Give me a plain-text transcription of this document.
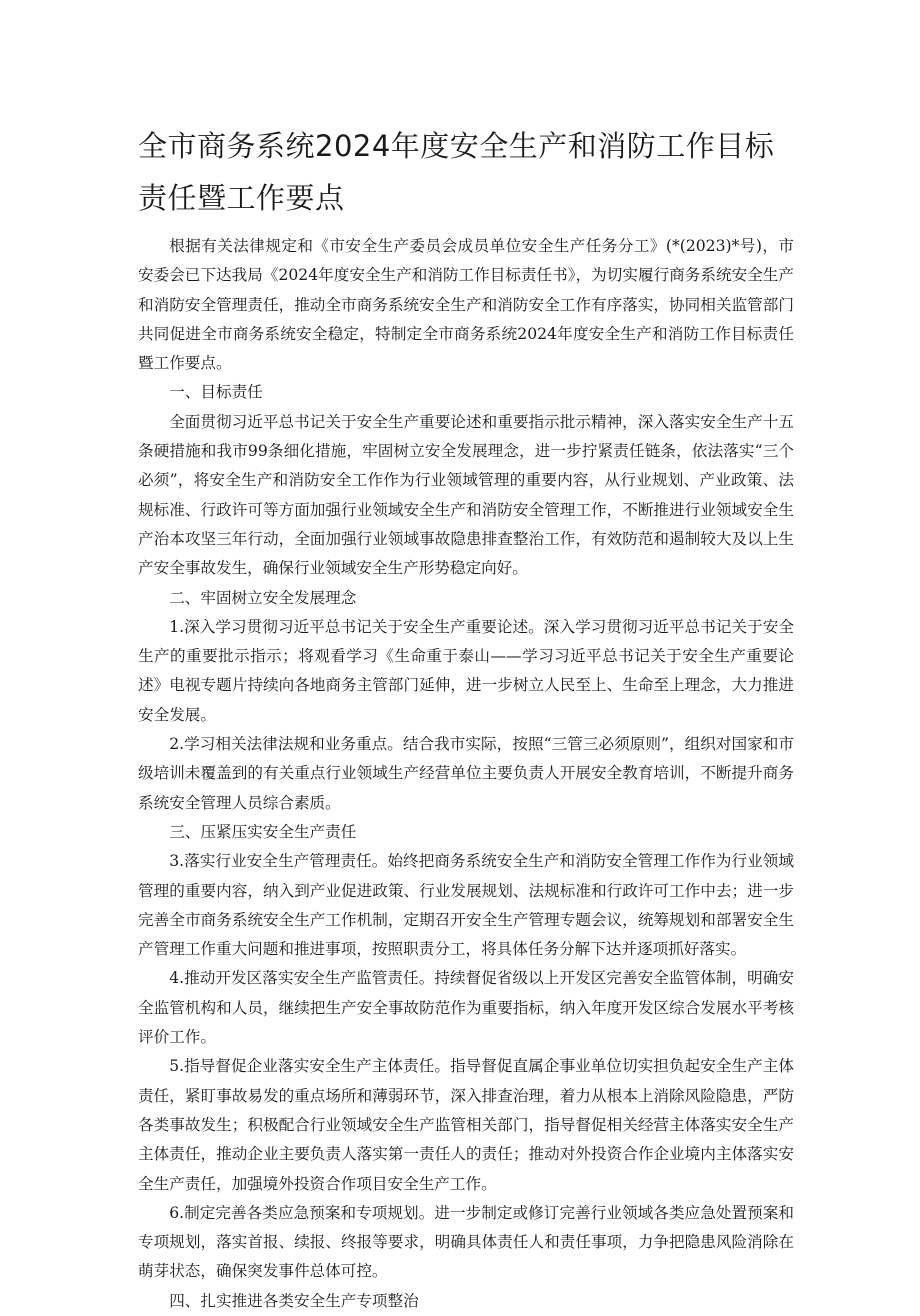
全市商务系统2024年度安全生产和消防工作目标责任暨工作要点

根据有关法律规定和《市安全生产委员会成员单位安全生产任务分工》(*(2023)*号)，市安委会已下达我局《2024年度安全生产和消防工作目标责任书》，为切实履行商务系统安全生产和消防安全管理责任，推动全市商务系统安全生产和消防安全工作有序落实，协同相关监管部门共同促进全市商务系统安全稳定，特制定全市商务系统2024年度安全生产和消防工作目标责任暨工作要点。

一、目标责任

全面贯彻习近平总书记关于安全生产重要论述和重要指示批示精神，深入落实安全生产十五条硬措施和我市99条细化措施，牢固树立安全发展理念，进一步拧紧责任链条，依法落实“三个必须”，将安全生产和消防安全工作作为行业领域管理的重要内容，从行业规划、产业政策、法规标准、行政许可等方面加强行业领域安全生产和消防安全管理工作，不断推进行业领域安全生产治本攻坚三年行动，全面加强行业领域事故隐患排查整治工作，有效防范和遏制较大及以上生产安全事故发生，确保行业领域安全生产形势稳定向好。

二、牢固树立安全发展理念

1.深入学习贯彻习近平总书记关于安全生产重要论述。深入学习贯彻习近平总书记关于安全生产的重要批示指示；将观看学习《生命重于泰山——学习习近平总书记关于安全生产重要论述》电视专题片持续向各地商务主管部门延伸，进一步树立人民至上、生命至上理念，大力推进安全发展。

2.学习相关法律法规和业务重点。结合我市实际，按照“三管三必须原则”，组织对国家和市级培训未覆盖到的有关重点行业领域生产经营单位主要负责人开展安全教育培训，不断提升商务系统安全管理人员综合素质。

三、压紧压实安全生产责任

3.落实行业安全生产管理责任。始终把商务系统安全生产和消防安全管理工作作为行业领域管理的重要内容，纳入到产业促进政策、行业发展规划、法规标准和行政许可工作中去；进一步完善全市商务系统安全生产工作机制，定期召开安全生产管理专题会议，统筹规划和部署安全生产管理工作重大问题和推进事项，按照职责分工，将具体任务分解下达并逐项抓好落实。

4.推动开发区落实安全生产监管责任。持续督促省级以上开发区完善安全监管体制，明确安全监管机构和人员，继续把生产安全事故防范作为重要指标，纳入年度开发区综合发展水平考核评价工作。

5.指导督促企业落实安全生产主体责任。指导督促直属企事业单位切实担负起安全生产主体责任，紧盯事故易发的重点场所和薄弱环节，深入排查治理，着力从根本上消除风险隐患，严防各类事故发生；积极配合行业领域安全生产监管相关部门，指导督促相关经营主体落实安全生产主体责任，推动企业主要负责人落实第一责任人的责任；推动对外投资合作企业境内主体落实安全生产责任，加强境外投资合作项目安全生产工作。

6.制定完善各类应急预案和专项规划。进一步制定或修订完善行业领域各类应急处置预案和专项规划，落实首报、续报、终报等要求，明确具体责任人和责任事项，力争把隐患风险消除在萌芽状态，确保突发事件总体可控。

四、扎实推进各类安全生产专项整治
